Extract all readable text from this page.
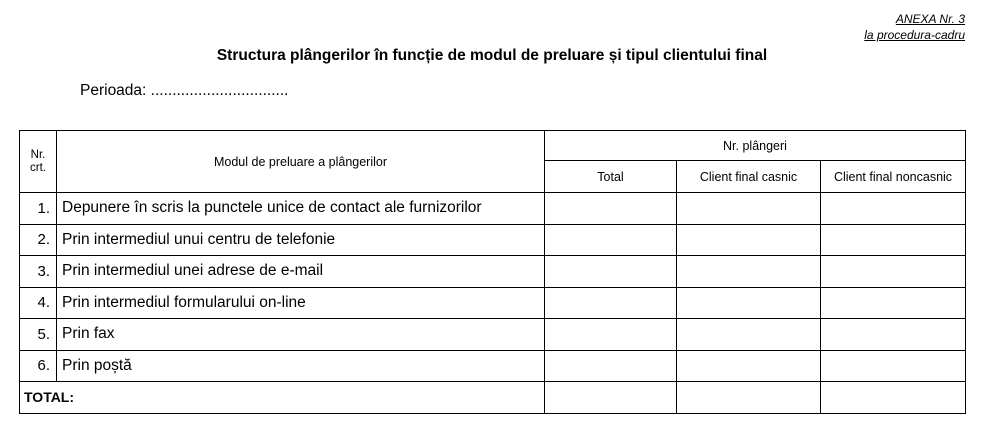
ANEXA Nr. 3
la procedura-cadru
Structura plângerilor în funcție de modul de preluare și tipul clientului final
Perioada: ................................
Nr.
crt.	Modul de preluare a plângerilor	Nr. plângeri		
		Total	Client final casnic	Client final noncasnic
1.	Depunere în scris la punctele unice de contact ale furnizorilor			
2.	Prin intermediul unui centru de telefonie			
3.	Prin intermediul unei adrese de e-mail			
4.	Prin intermediul formularului on-line			
5.	Prin fax			
6.	Prin poștă			
TOTAL:				
